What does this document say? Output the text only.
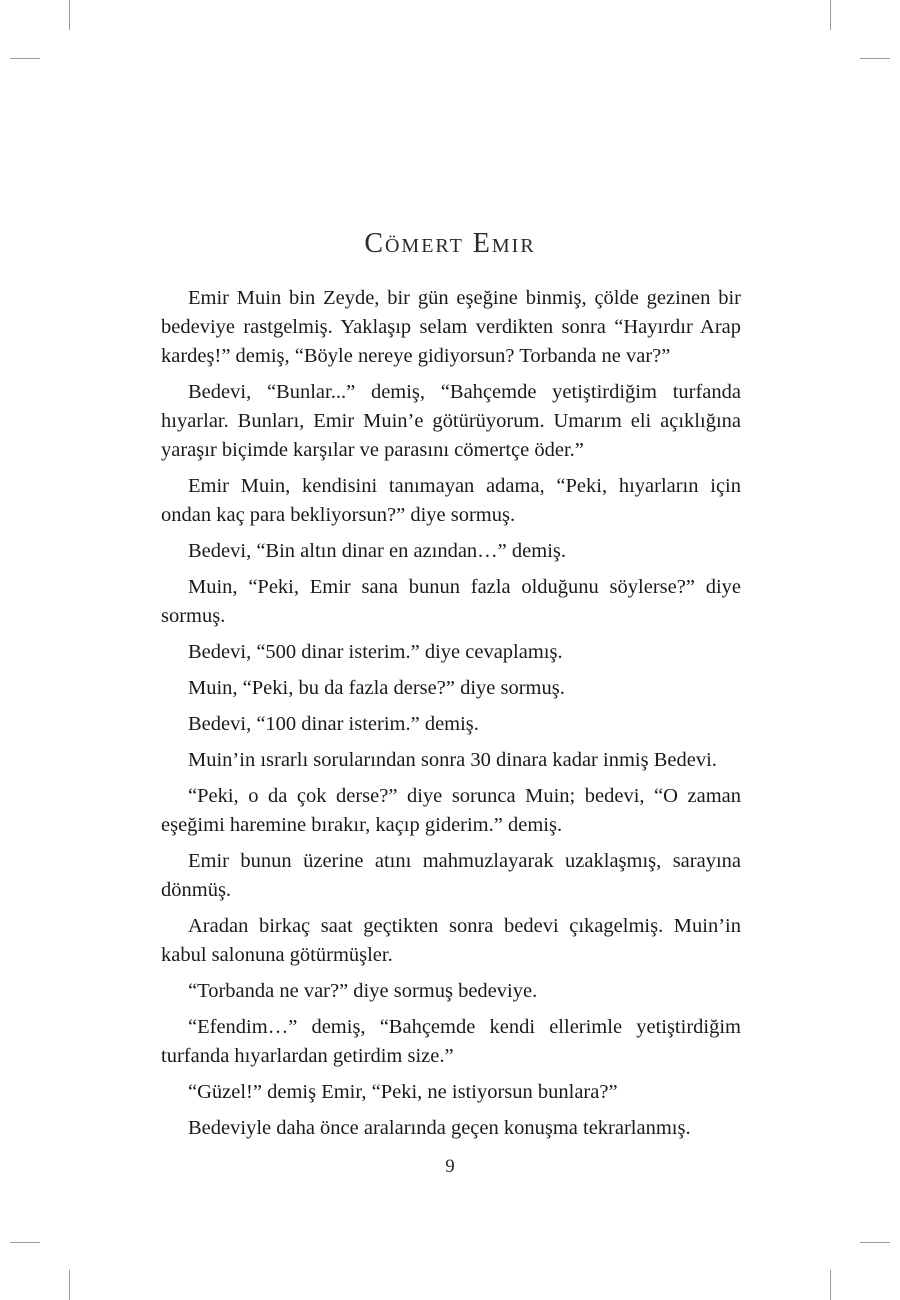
Cömert Emir

Emir Muin bin Zeyde, bir gün eşeğine binmiş, çölde gezinen bir bedeviye rastgelmiş. Yaklaşıp selam verdikten sonra “Hayırdır Arap kardeş!” demiş, “Böyle nereye gidiyorsun? Torbanda ne var?”

Bedevi, “Bunlar...” demiş, “Bahçemde yetiştirdiğim turfanda hıyarlar. Bunları, Emir Muin’e götürüyorum. Umarım eli açıklığına yaraşır biçimde karşılar ve parasını cömertçe öder.”

Emir Muin, kendisini tanımayan adama, “Peki, hıyarların için ondan kaç para bekliyorsun?” diye sormuş.

Bedevi, “Bin altın dinar en azından…” demiş.

Muin, “Peki, Emir sana bunun fazla olduğunu söylerse?” diye sormuş.

Bedevi, “500 dinar isterim.” diye cevaplamış.

Muin, “Peki, bu da fazla derse?” diye sormuş.

Bedevi, “100 dinar isterim.” demiş.

Muin’in ısrarlı sorularından sonra 30 dinara kadar inmiş Bedevi.

“Peki, o da çok derse?” diye sorunca Muin; bedevi, “O zaman eşeğimi haremine bırakır, kaçıp giderim.” demiş.

Emir bunun üzerine atını mahmuzlayarak uzaklaşmış, sarayına dönmüş.

Aradan birkaç saat geçtikten sonra bedevi çıkagelmiş. Muin’in kabul salonuna götürmüşler.

“Torbanda ne var?” diye sormuş bedeviye.

“Efendim…” demiş, “Bahçemde kendi ellerimle yetiştirdiğim turfanda hıyarlardan getirdim size.”

“Güzel!” demiş Emir, “Peki, ne istiyorsun bunlara?”

Bedeviyle daha önce aralarında geçen konuşma tekrarlanmış.

9
